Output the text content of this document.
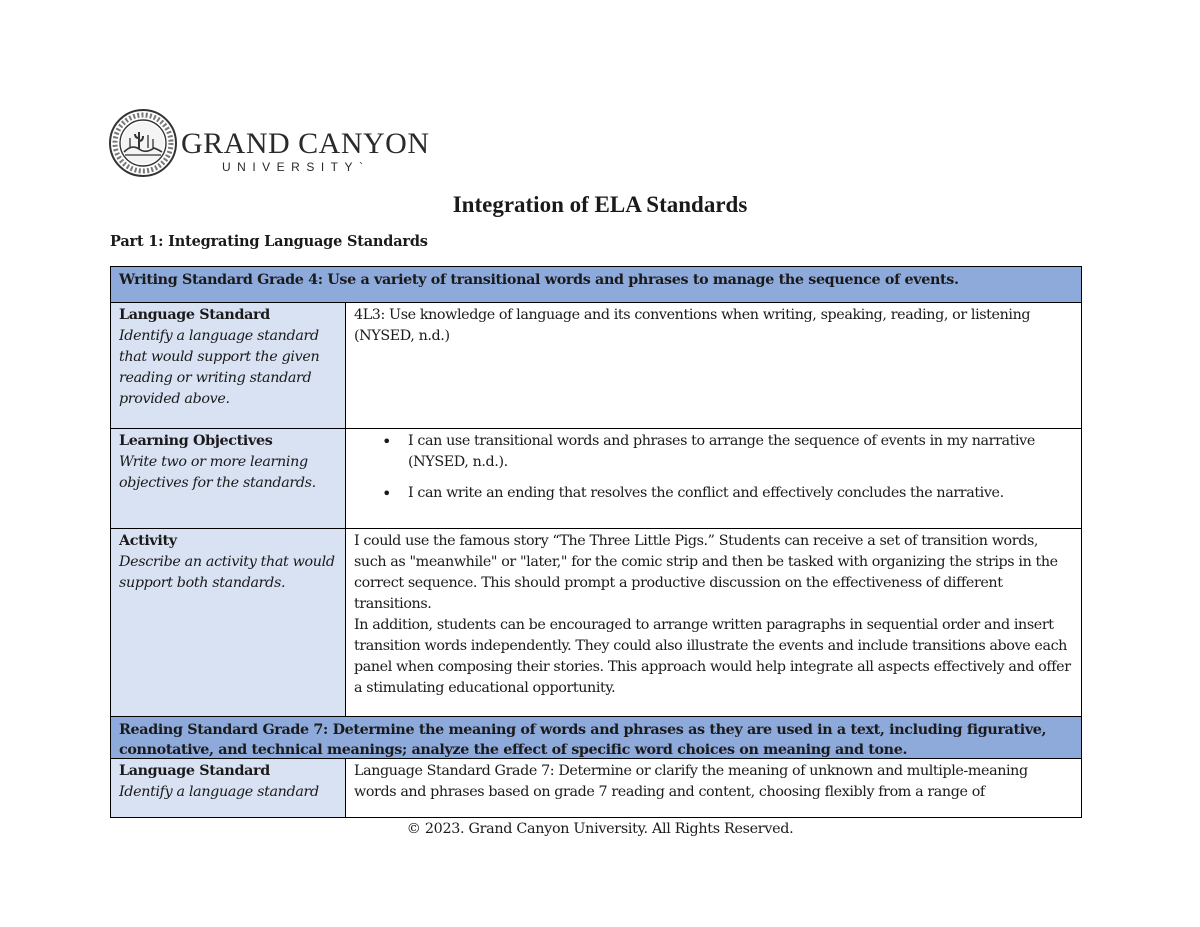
GRAND CANYON
UNIVERSITY`
Integration of ELA Standards
Part 1: Integrating Language Standards
Writing Standard Grade 4: Use a variety of transitional words and phrases to manage the sequence of events.
Language Standard
Identify a language standard that would support the given reading or writing standard provided above.

4L3: Use knowledge of language and its conventions when writing, speaking, reading, or listening (NYSED, n.d.)

Learning Objectives
Write two or more learning objectives for the standards.
• I can use transitional words and phrases to arrange the sequence of events in my narrative (NYSED, n.d.).
• I can write an ending that resolves the conflict and effectively concludes the narrative.
Activity
Describe an activity that would support both standards.

I could use the famous story “The Three Little Pigs.” Students can receive a set of transition words, such as "meanwhile" or "later," for the comic strip and then be tasked with organizing the strips in the correct sequence. This should prompt a productive discussion on the effectiveness of different transitions.

In addition, students can be encouraged to arrange written paragraphs in sequential order and insert transition words independently. They could also illustrate the events and include transitions above each panel when composing their stories. This approach would help integrate all aspects effectively and offer a stimulating educational opportunity.

Reading Standard Grade 7: Determine the meaning of words and phrases as they are used in a text, including figurative, connotative, and technical meanings; analyze the effect of specific word choices on meaning and tone.
Language Standard
Identify a language standard

Language Standard Grade 7: Determine or clarify the meaning of unknown and multiple-meaning words and phrases based on grade 7 reading and content, choosing flexibly from a range of

© 2023. Grand Canyon University. All Rights Reserved.
